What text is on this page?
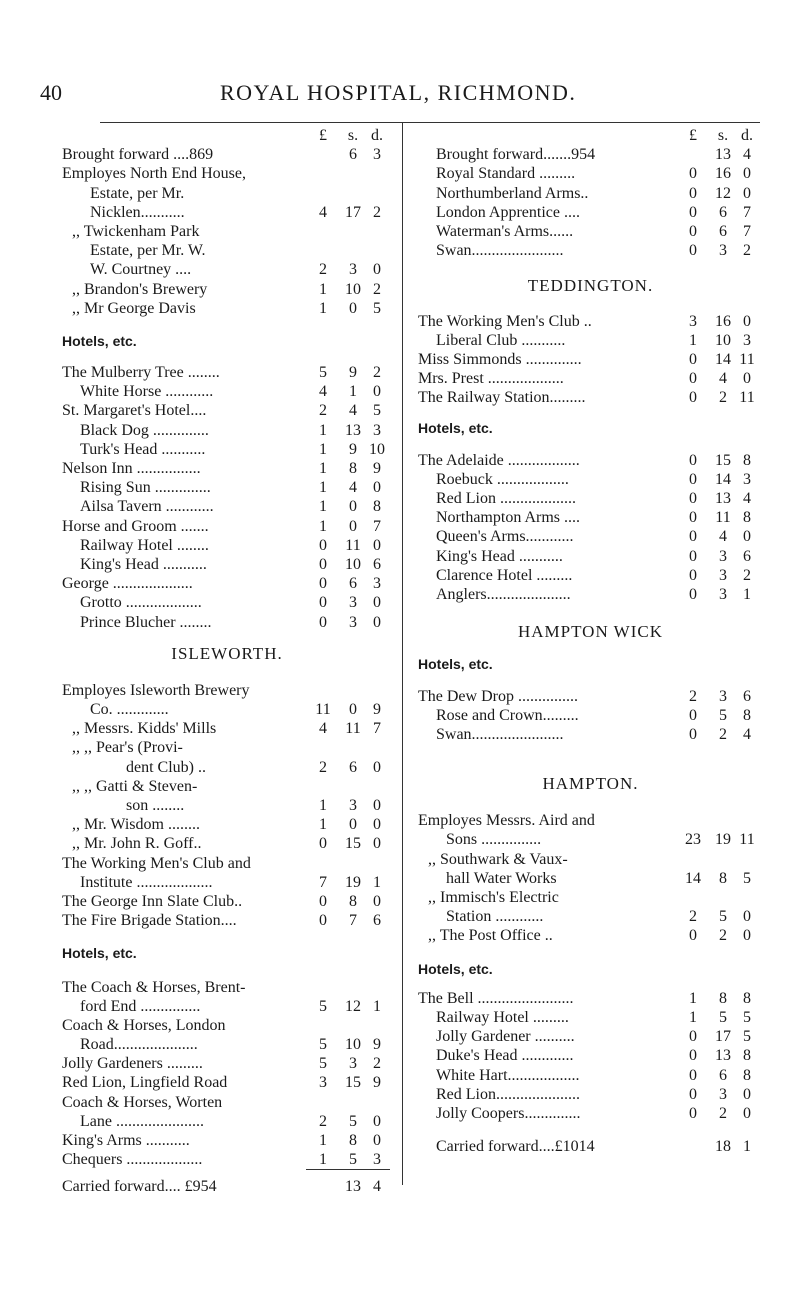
40	ROYAL HOSPITAL, RICHMOND.
£	s. d.
Brought forward ....869	6	3
Employes North End House,
Estate, per Mr.
Nicklen...........	4	17 2
,, Twickenham Park
Estate, per Mr. W.
W. Courtney ....	2	3	0
,, Brandon's Brewery	1	10 2
,, Mr George Davis	1	0	5
Hotels, etc.
The Mulberry Tree ........	5	9	2
White Horse ............	4	1	0
St. Margaret's Hotel....	2	4	5
Black Dog ..............	1	13 3
Turk's Head ...........	1	9 10
Nelson Inn ................	1	8	9
Rising Sun ..............	1	4	0
Ailsa Tavern ............	1	0	8
Horse and Groom .......	1	0	7
Railway Hotel ........	0	11 0
King's Head ...........	0	10 6
George ....................	0	6	3
Grotto ...................	0	3	0
Prince Blucher ........	0	3	0
ISLEWORTH.
Employes Isleworth Brewery
Co. .............	11	0	9
,, Messrs. Kidds' Mills	4	11 7
,, ,, Pear's (Provi-
dent Club) ..	2	6	0
,, ,, Gatti & Steven-
son ........	1	3	0
,, Mr. Wisdom ........	1	0	0
,, Mr. John R. Goff..	0	15 0
The Working Men's Club and
Institute ...................	7	19 1
The George Inn Slate Club..	0	8	0
The Fire Brigade Station....	0	7	6
Hotels, etc.
The Coach & Horses, Brent-
ford End ...............	5	12 1
Coach & Horses, London
Road.....................	5	10 9
Jolly Gardeners .........	5	3	2
Red Lion, Lingfield Road	3	15 9
Coach & Horses, Worten
Lane ......................	2	5	0
King's Arms ...........	1	8	0
Chequers ...................	1	5	3
Carried forward.... £954	13 4
£	s. d.
Brought forward.......954	13 4
Royal Standard .........	0	16 0
Northumberland Arms..	0	12 0
London Apprentice ....	0	6	7
Waterman's Arms......	0	6	7
Swan.......................	0	3	2
TEDDINGTON.
The Working Men's Club ..	3	16 0
Liberal Club ...........	1	10 3
Miss Simmonds ..............	0	14 11
Mrs. Prest ...................	0	4	0
The Railway Station.........	0	2 11
Hotels, etc.
The Adelaide ..................	0	15 8
Roebuck ..................	0	14 3
Red Lion ...................	0	13 4
Northampton Arms ....	0	11 8
Queen's Arms............	0	4	0
King's Head ...........	0	3	6
Clarence Hotel .........	0	3	2
Anglers.....................	0	3	1
HAMPTON WICK
Hotels, etc.
The Dew Drop ...............	2	3	6
Rose and Crown.........	0	5	8
Swan.......................	0	2	4
HAMPTON.
Employes Messrs. Aird and
Sons ...............	23 19 11
,, Southwark & Vaux-
hall Water Works	14	8	5
,, Immisch's Electric
Station ............	2	5	0
,, The Post Office ..	0	2	0
Hotels, etc.
The Bell ........................	1	8	8
Railway Hotel .........	1	5	5
Jolly Gardener ..........	0	17 5
Duke's Head .............	0	13 8
White Hart..................	0	6	8
Red Lion.....................	0	3	0
Jolly Coopers..............	0	2	0
Carried forward....£1014	18 1
